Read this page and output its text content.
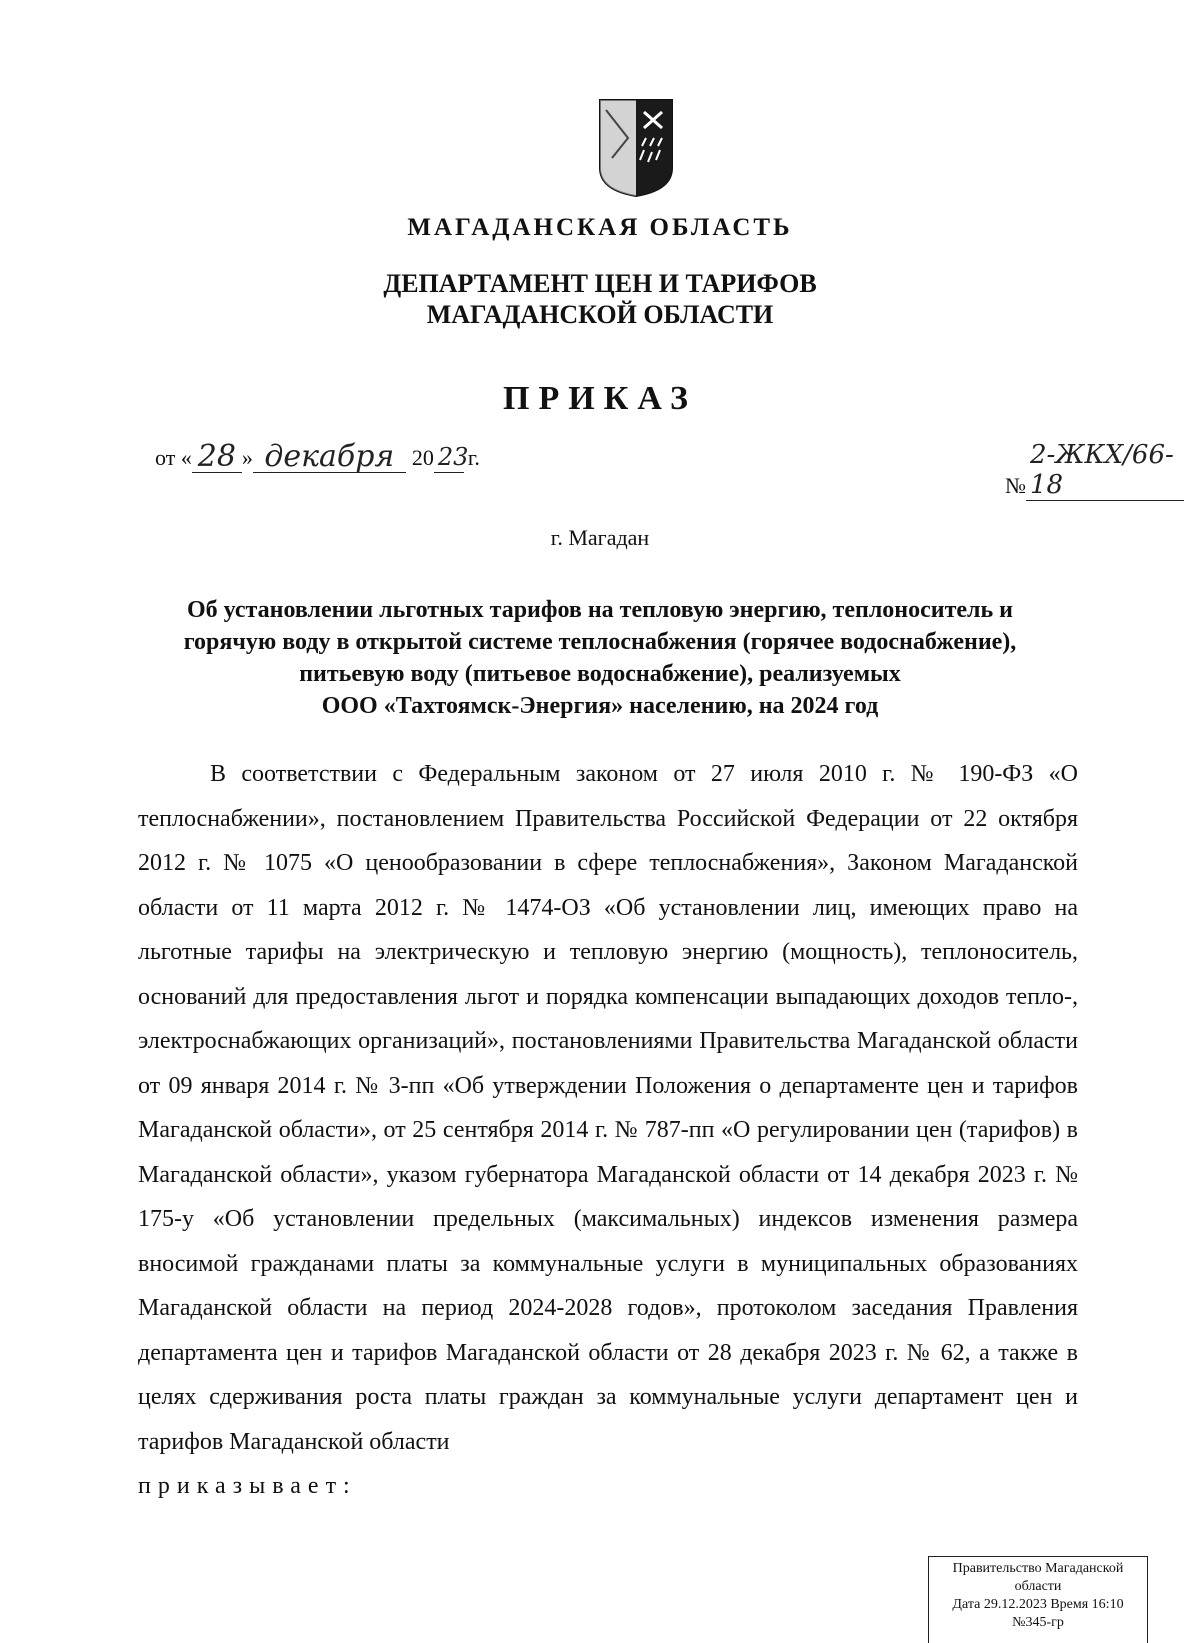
МАГАДАНСКАЯ ОБЛАСТЬ
ДЕПАРТАМЕНТ ЦЕН И ТАРИФОВ
МАГАДАНСКОЙ ОБЛАСТИ
ПРИКАЗ
от « 28 » декабря 20 23 г.
№
2-ЖКХ/66-18
г. Магадан
Об установлении льготных тарифов на тепловую энергию, теплоноситель и
горячую воду в открытой системе теплоснабжения (горячее водоснабжение),
питьевую воду (питьевое водоснабжение), реализуемых
ООО «Тахтоямск-Энергия» населению, на 2024 год
В соответствии с Федеральным законом от 27 июля 2010 г. № 190-ФЗ «О теплоснабжении», постановлением Правительства Российской Федерации от 22 октября 2012 г. № 1075 «О ценообразовании в сфере теплоснабжения», Законом Магаданской области от 11 марта 2012 г. № 1474-ОЗ «Об установлении лиц, имеющих право на льготные тарифы на электрическую и тепловую энергию (мощность), теплоноситель, оснований для предоставления льгот и порядка компенсации выпадающих доходов тепло-, электроснабжающих организаций», постановлениями Правительства Магаданской области от 09 января 2014 г. № 3-пп «Об утверждении Положения о департаменте цен и тарифов Магаданской области», от 25 сентября 2014 г. № 787-пп «О регулировании цен (тарифов) в Магаданской области», указом губернатора Магаданской области от 14 декабря 2023 г. № 175-у «Об установлении предельных (максимальных) индексов изменения размера вносимой гражданами платы за коммунальные услуги в муниципальных образованиях Магаданской области на период 2024-2028 годов», протоколом заседания Правления департамента цен и тарифов Магаданской области от 28 декабря 2023 г. № 62, а также в целях сдерживания роста платы граждан за коммунальные услуги департамент цен и тарифов Магаданской области
приказывает:
Правительство Магаданской
области
Дата 29.12.2023 Время 16:10
№345-гр
